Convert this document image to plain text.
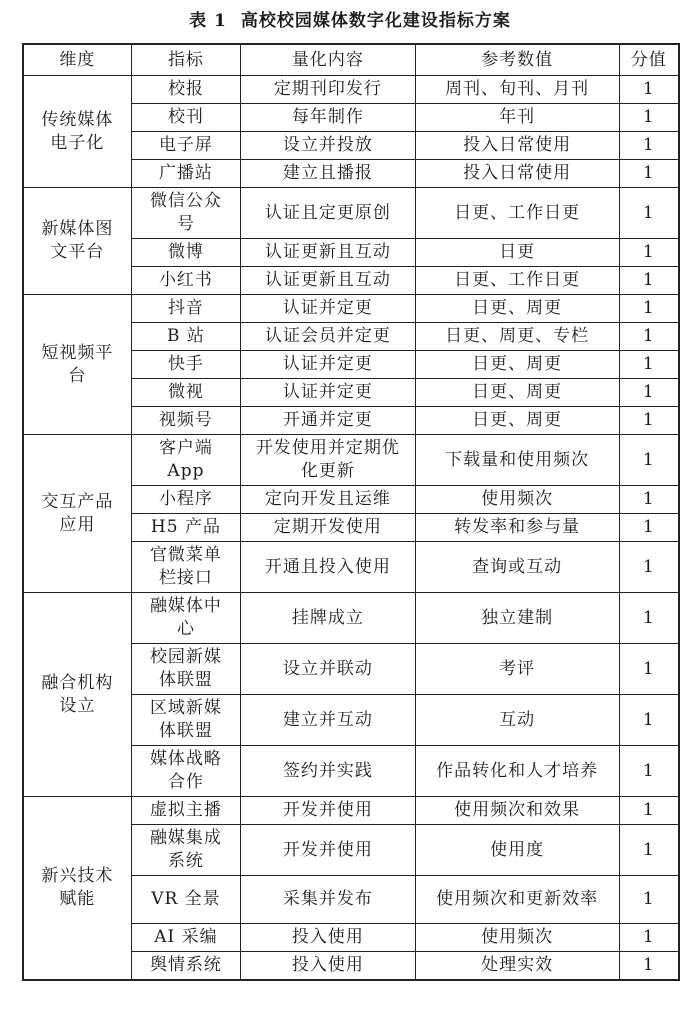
表 1 高校校园媒体数字化建设指标方案
维度	指标	量化内容	参考数值	分值
传统媒体电子化	校报	定期刊印发行	周刊、旬刊、月刊	1
	校刊	每年制作	年刊	1
	电子屏	设立并投放	投入日常使用	1
	广播站	建立且播报	投入日常使用	1
新媒体图文平台	微信公众号	认证且定更原创	日更、工作日更	1
	微博	认证更新且互动	日更	1
	小红书	认证更新且互动	日更、工作日更	1
短视频平台	抖音	认证并定更	日更、周更	1
	B 站	认证会员并定更	日更、周更、专栏	1
	快手	认证并定更	日更、周更	1
	微视	认证并定更	日更、周更	1
	视频号	开通并定更	日更、周更	1
交互产品应用	客户端 App	开发使用并定期优化更新	下载量和使用频次	1
	小程序	定向开发且运维	使用频次	1
	H5 产品	定期开发使用	转发率和参与量	1
	官微菜单栏接口	开通且投入使用	查询或互动	1
融合机构设立	融媒体中心	挂牌成立	独立建制	1
	校园新媒体联盟	设立并联动	考评	1
	区域新媒体联盟	建立并互动	互动	1
	媒体战略合作	签约并实践	作品转化和人才培养	1
新兴技术赋能	虚拟主播	开发并使用	使用频次和效果	1
	融媒集成系统	开发并使用	使用度	1
	VR 全景	采集并发布	使用频次和更新效率	1
	AI 采编	投入使用	使用频次	1
	舆情系统	投入使用	处理实效	1
